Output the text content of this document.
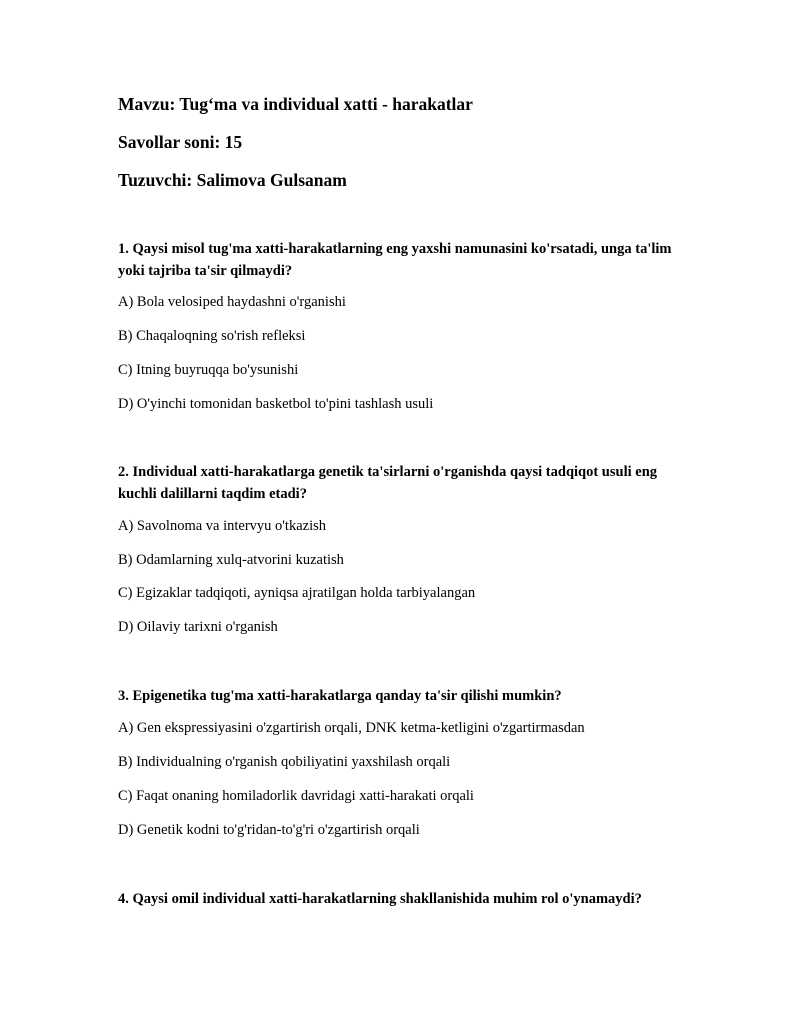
Mavzu: Tug‘ma va individual xatti - harakatlar
Savollar soni: 15
Tuzuvchi: Salimova Gulsanam
1. Qaysi misol tug'ma xatti-harakatlarning eng yaxshi namunasini ko'rsatadi, unga ta'lim yoki tajriba ta'sir qilmaydi?
A) Bola velosiped haydashni o'rganishi
B) Chaqaloqning so'rish refleksi
C) Itning buyruqqa bo'ysunishi
D) O'yinchi tomonidan basketbol to'pini tashlash usuli
2. Individual xatti-harakatlarga genetik ta'sirlarni o'rganishda qaysi tadqiqot usuli eng kuchli dalillarni taqdim etadi?
A) Savolnoma va intervyu o'tkazish
B) Odamlarning xulq-atvorini kuzatish
C) Egizaklar tadqiqoti, ayniqsa ajratilgan holda tarbiyalangan
D) Oilaviy tarixni o'rganish
3. Epigenetika tug'ma xatti-harakatlarga qanday ta'sir qilishi mumkin?
A) Gen ekspressiyasini o'zgartirish orqali, DNK ketma-ketligini o'zgartirmasdan
B) Individualning o'rganish qobiliyatini yaxshilash orqali
C) Faqat onaning homiladorlik davridagi xatti-harakati orqali
D) Genetik kodni to'g'ridan-to'g'ri o'zgartirish orqali
4. Qaysi omil individual xatti-harakatlarning shakllanishida muhim rol o'ynamaydi?
